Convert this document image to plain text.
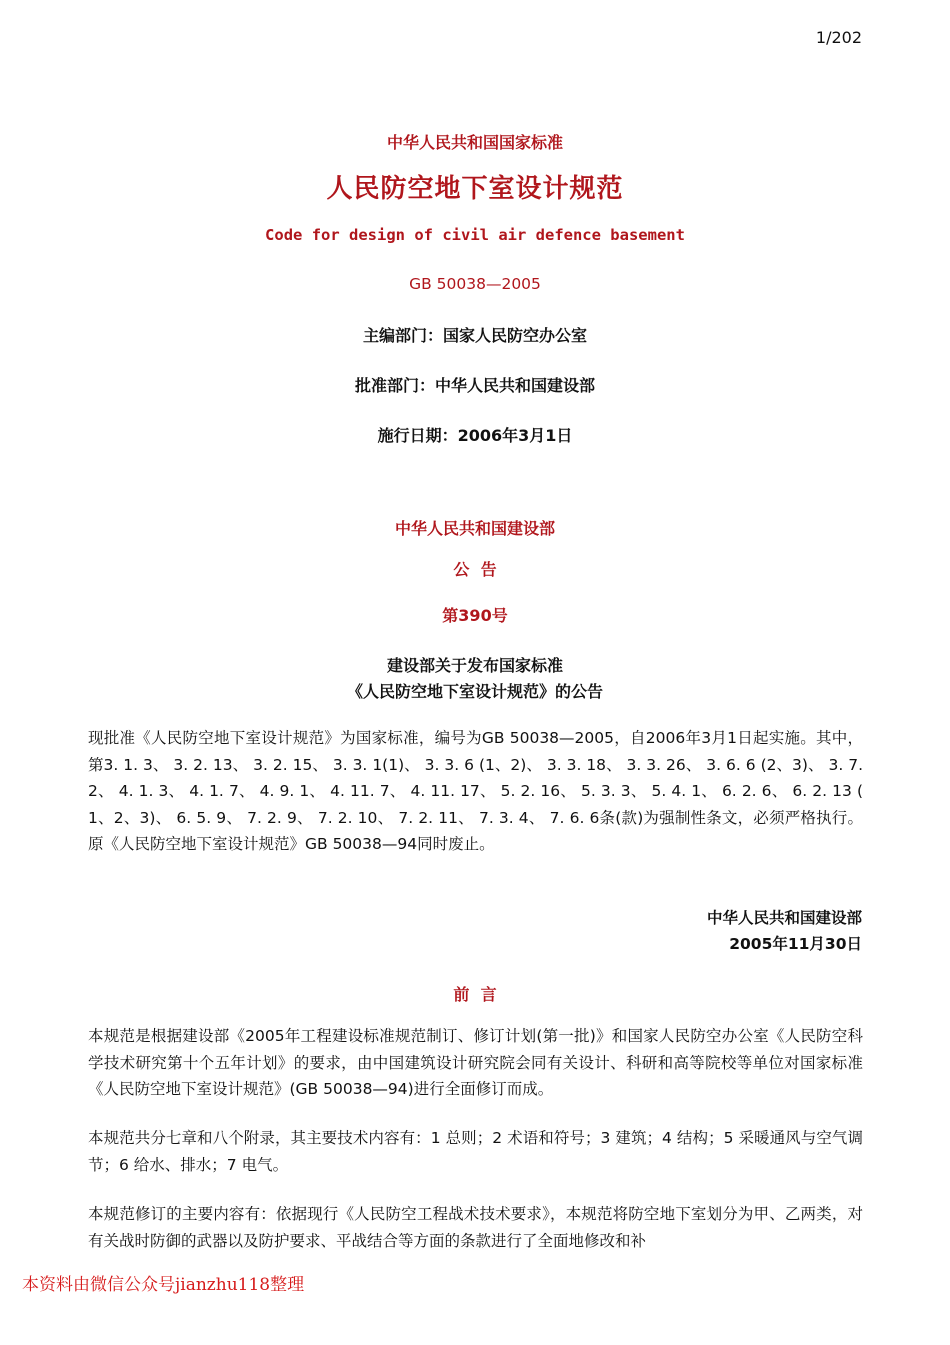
1/202
中华人民共和国国家标准
人民防空地下室设计规范
Code for design of civil air defence basement
GB 50038—2005
主编部门：国家人民防空办公室
批准部门：中华人民共和国建设部
施行日期：2006年3月1日
中华人民共和国建设部
公  告
第390号
建设部关于发布国家标准
《人民防空地下室设计规范》的公告
现批准《人民防空地下室设计规范》为国家标准，编号为GB 50038—2005，自2006年3月1日起实施。其中，第3. 1. 3、 3. 2. 13、 3. 2. 15、 3. 3. 1(1)、 3. 3. 6 (1、2)、 3. 3. 18、 3. 3. 26、 3. 6. 6 (2、3)、 3. 7. 2、 4. 1. 3、 4. 1. 7、 4. 9. 1、 4. 11. 7、 4. 11. 17、 5. 2. 16、 5. 3. 3、 5. 4. 1、 6. 2. 6、 6. 2. 13 ( 1、2、3)、 6. 5. 9、 7. 2. 9、 7. 2. 10、 7. 2. 11、 7. 3. 4、 7. 6. 6条(款)为强制性条文，必须严格执行。原《人民防空地下室设计规范》GB 50038—94同时废止。
中华人民共和国建设部
2005年11月30日
前  言
本规范是根据建设部《2005年工程建设标准规范制订、修订计划(第一批)》和国家人民防空办公室《人民防空科学技术研究第十个五年计划》的要求，由中国建筑设计研究院会同有关设计、科研和高等院校等单位对国家标准《人民防空地下室设计规范》(GB 50038—94)进行全面修订而成。
本规范共分七章和八个附录，其主要技术内容有：1 总则；2 术语和符号；3 建筑；4 结构；5 采暖通风与空气调节；6 给水、排水；7 电气。
本规范修订的主要内容有：依据现行《人民防空工程战术技术要求》，本规范将防空地下室划分为甲、乙两类，对有关战时防御的武器以及防护要求、平战结合等方面的条款进行了全面地修改和补
本资料由微信公众号jianzhu118整理
